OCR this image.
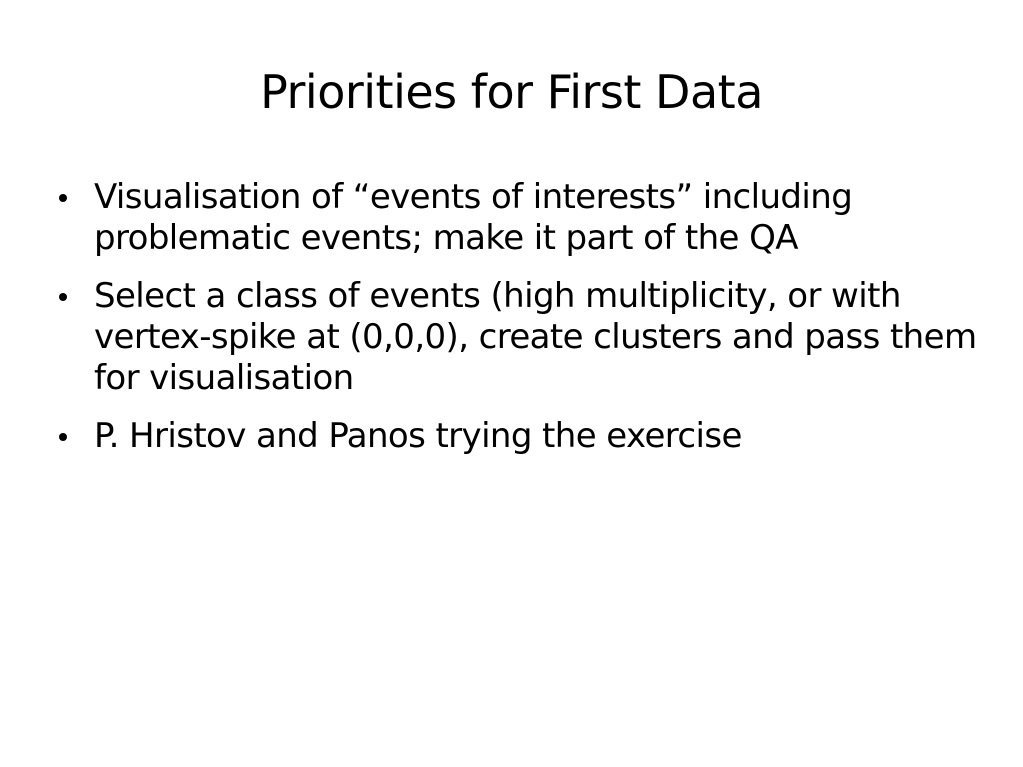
Priorities for First Data
Visualisation of “events of interests” including problematic events; make it part of the QA
Select a class of events (high multiplicity, or with vertex-spike at (0,0,0), create clusters and pass them for visualisation
P. Hristov and Panos trying the exercise
